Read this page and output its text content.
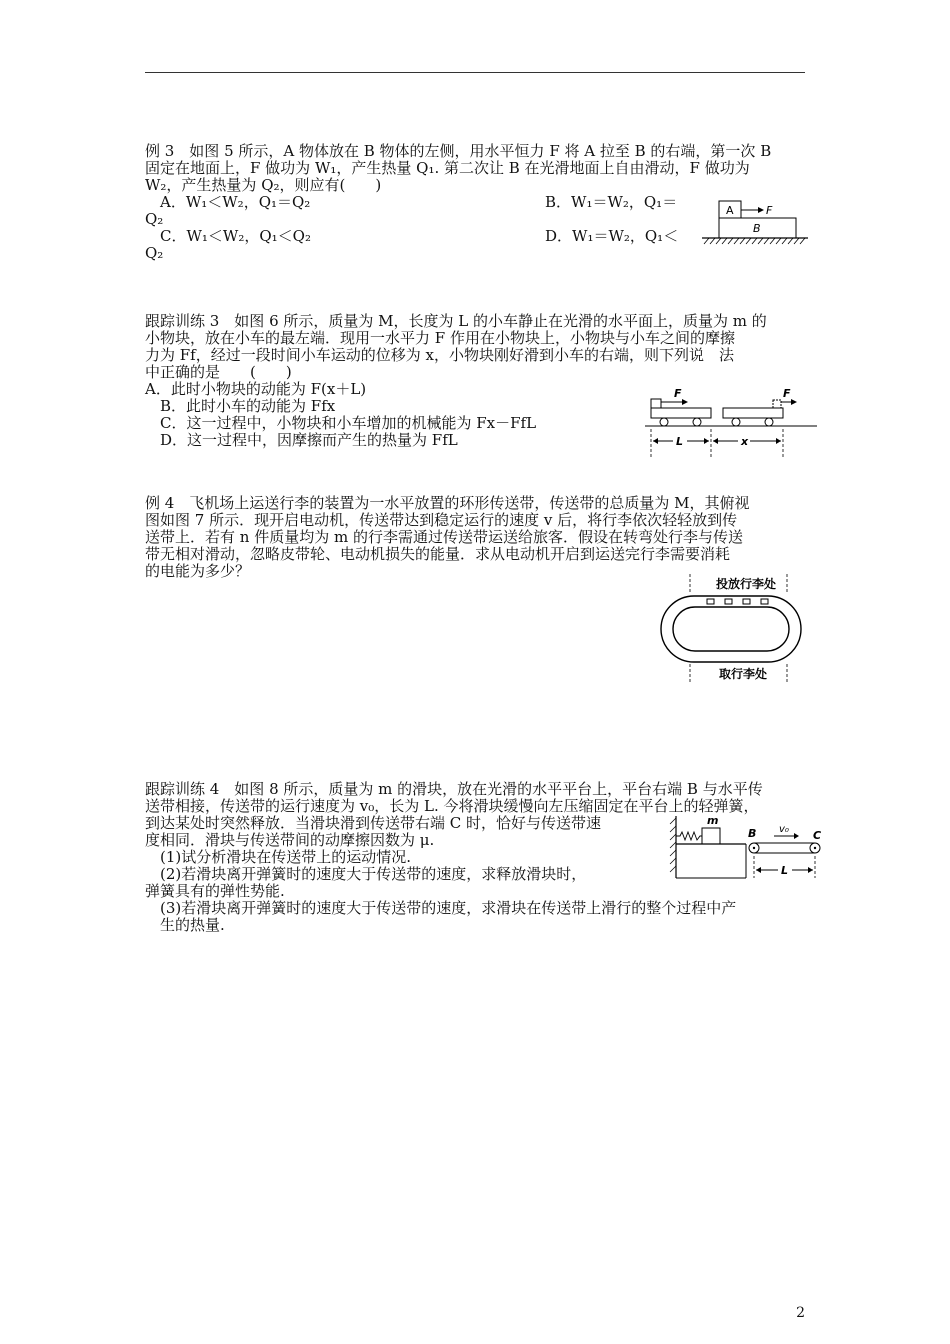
例 3　如图 5 所示，A 物体放在 B 物体的左侧，用水平恒力 F 将 A 拉至 B 的右端，第一次 B
固定在地面上，F 做功为 W₁，产生热量 Q₁. 第二次让 B 在光滑地面上自由滑动，F 做功为
W₂，产生热量为 Q₂，则应有(　　)
A．W₁＜W₂，Q₁＝Q₂	B．W₁＝W₂，Q₁＝
Q₂
C．W₁＜W₂，Q₁＜Q₂	D．W₁＝W₂，Q₁＜
Q₂
A	F
B
跟踪训练 3　如图 6 所示，质量为 M，长度为 L 的小车静止在光滑的水平面上，质量为 m 的
小物块，放在小车的最左端．现用一水平力 F 作用在小物块上，小物块与小车之间的摩擦
力为 Ff，经过一段时间小车运动的位移为 x，小物块刚好滑到小车的右端，则下列说　法
中正确的是　　(　　)
A．此时小物块的动能为 F(x＋L)
B．此时小车的动能为 Ffx
C．这一过程中，小物块和小车增加的机械能为 Fx－FfL
D．这一过程中，因摩擦而产生的热量为 FfL
F	F
L	x
例 4　飞机场上运送行李的装置为一水平放置的环形传送带，传送带的总质量为 M，其俯视
图如图 7 所示．现开启电动机，传送带达到稳定运行的速度 v 后，将行李依次轻轻放到传
送带上．若有 n 件质量均为 m 的行李需通过传送带运送给旅客．假设在转弯处行李与传送
带无相对滑动，忽略皮带轮、电动机损失的能量．求从电动机开启到运送完行李需要消耗
的电能为多少？
投放行李处
取行李处
跟踪训练 4　如图 8 所示，质量为 m 的滑块，放在光滑的水平平台上，平台右端 B 与水平传
送带相接，传送带的运行速度为 v₀，长为 L. 今将滑块缓慢向左压缩固定在平台上的轻弹簧，
到达某处时突然释放．当滑块滑到传送带右端 C 时，恰好与传送带速
度相同．滑块与传送带间的动摩擦因数为 μ.
　(1)试分析滑块在传送带上的运动情况.
　(2)若滑块离开弹簧时的速度大于传送带的速度，求释放滑块时，
弹簧具有的弹性势能.
　(3)若滑块离开弹簧时的速度大于传送带的速度，求滑块在传送带上滑行的整个过程中产
　生的热量.
m
B v₀ C
L
2
